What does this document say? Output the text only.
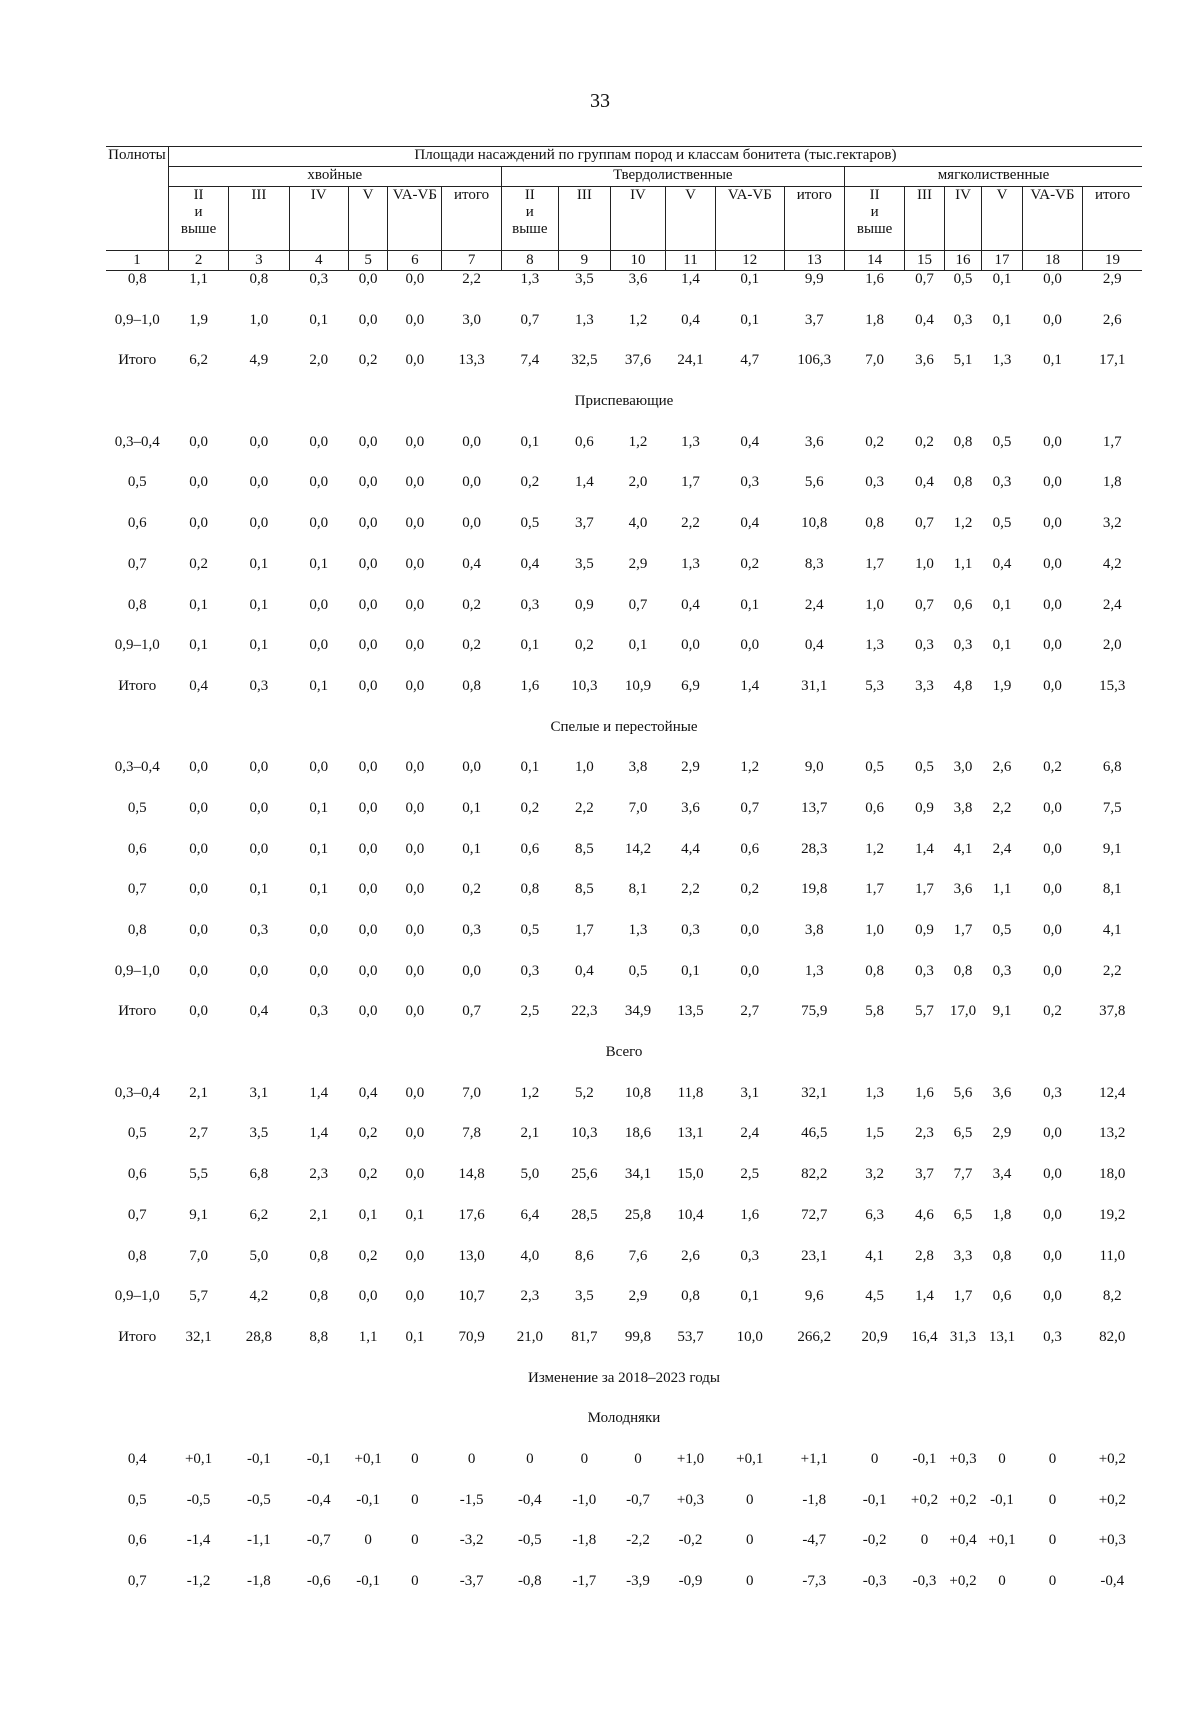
33
Полноты	Площади насаждений по группам пород и классам бонитета (тыс.гектаров)																	
	хвойные						Твердолиственные						мягколиственные					
	II
и
выше	III	IV	V	VA-VБ	итого	II
и
выше	III	IV	V	VA-VБ	итого	II
и
выше	III	IV	V	VA-VБ	итого
1	2	3	4	5	6	7	8	9	10	11	12	13	14	15	16	17	18	19
0,8	1,1	0,8	0,3	0,0	0,0	2,2	1,3	3,5	3,6	1,4	0,1	9,9	1,6	0,7	0,5	0,1	0,0	2,9
0,9–1,0	1,9	1,0	0,1	0,0	0,0	3,0	0,7	1,3	1,2	0,4	0,1	3,7	1,8	0,4	0,3	0,1	0,0	2,6
Итого	6,2	4,9	2,0	0,2	0,0	13,3	7,4	32,5	37,6	24,1	4,7	106,3	7,0	3,6	5,1	1,3	0,1	17,1
Приспевающие																		
0,3–0,4	0,0	0,0	0,0	0,0	0,0	0,0	0,1	0,6	1,2	1,3	0,4	3,6	0,2	0,2	0,8	0,5	0,0	1,7
0,5	0,0	0,0	0,0	0,0	0,0	0,0	0,2	1,4	2,0	1,7	0,3	5,6	0,3	0,4	0,8	0,3	0,0	1,8
0,6	0,0	0,0	0,0	0,0	0,0	0,0	0,5	3,7	4,0	2,2	0,4	10,8	0,8	0,7	1,2	0,5	0,0	3,2
0,7	0,2	0,1	0,1	0,0	0,0	0,4	0,4	3,5	2,9	1,3	0,2	8,3	1,7	1,0	1,1	0,4	0,0	4,2
0,8	0,1	0,1	0,0	0,0	0,0	0,2	0,3	0,9	0,7	0,4	0,1	2,4	1,0	0,7	0,6	0,1	0,0	2,4
0,9–1,0	0,1	0,1	0,0	0,0	0,0	0,2	0,1	0,2	0,1	0,0	0,0	0,4	1,3	0,3	0,3	0,1	0,0	2,0
Итого	0,4	0,3	0,1	0,0	0,0	0,8	1,6	10,3	10,9	6,9	1,4	31,1	5,3	3,3	4,8	1,9	0,0	15,3
Спелые и перестойные																		
0,3–0,4	0,0	0,0	0,0	0,0	0,0	0,0	0,1	1,0	3,8	2,9	1,2	9,0	0,5	0,5	3,0	2,6	0,2	6,8
0,5	0,0	0,0	0,1	0,0	0,0	0,1	0,2	2,2	7,0	3,6	0,7	13,7	0,6	0,9	3,8	2,2	0,0	7,5
0,6	0,0	0,0	0,1	0,0	0,0	0,1	0,6	8,5	14,2	4,4	0,6	28,3	1,2	1,4	4,1	2,4	0,0	9,1
0,7	0,0	0,1	0,1	0,0	0,0	0,2	0,8	8,5	8,1	2,2	0,2	19,8	1,7	1,7	3,6	1,1	0,0	8,1
0,8	0,0	0,3	0,0	0,0	0,0	0,3	0,5	1,7	1,3	0,3	0,0	3,8	1,0	0,9	1,7	0,5	0,0	4,1
0,9–1,0	0,0	0,0	0,0	0,0	0,0	0,0	0,3	0,4	0,5	0,1	0,0	1,3	0,8	0,3	0,8	0,3	0,0	2,2
Итого	0,0	0,4	0,3	0,0	0,0	0,7	2,5	22,3	34,9	13,5	2,7	75,9	5,8	5,7	17,0	9,1	0,2	37,8
Всего																		
0,3–0,4	2,1	3,1	1,4	0,4	0,0	7,0	1,2	5,2	10,8	11,8	3,1	32,1	1,3	1,6	5,6	3,6	0,3	12,4
0,5	2,7	3,5	1,4	0,2	0,0	7,8	2,1	10,3	18,6	13,1	2,4	46,5	1,5	2,3	6,5	2,9	0,0	13,2
0,6	5,5	6,8	2,3	0,2	0,0	14,8	5,0	25,6	34,1	15,0	2,5	82,2	3,2	3,7	7,7	3,4	0,0	18,0
0,7	9,1	6,2	2,1	0,1	0,1	17,6	6,4	28,5	25,8	10,4	1,6	72,7	6,3	4,6	6,5	1,8	0,0	19,2
0,8	7,0	5,0	0,8	0,2	0,0	13,0	4,0	8,6	7,6	2,6	0,3	23,1	4,1	2,8	3,3	0,8	0,0	11,0
0,9–1,0	5,7	4,2	0,8	0,0	0,0	10,7	2,3	3,5	2,9	0,8	0,1	9,6	4,5	1,4	1,7	0,6	0,0	8,2
Итого	32,1	28,8	8,8	1,1	0,1	70,9	21,0	81,7	99,8	53,7	10,0	266,2	20,9	16,4	31,3	13,1	0,3	82,0
Изменение за 2018–2023 годы																		
Молодняки																		
0,4	+0,1	-0,1	-0,1	+0,1	0	0	0	0	0	+1,0	+0,1	+1,1	0	-0,1	+0,3	0	0	+0,2
0,5	-0,5	-0,5	-0,4	-0,1	0	-1,5	-0,4	-1,0	-0,7	+0,3	0	-1,8	-0,1	+0,2	+0,2	-0,1	0	+0,2
0,6	-1,4	-1,1	-0,7	0	0	-3,2	-0,5	-1,8	-2,2	-0,2	0	-4,7	-0,2	0	+0,4	+0,1	0	+0,3
0,7	-1,2	-1,8	-0,6	-0,1	0	-3,7	-0,8	-1,7	-3,9	-0,9	0	-7,3	-0,3	-0,3	+0,2	0	0	-0,4
